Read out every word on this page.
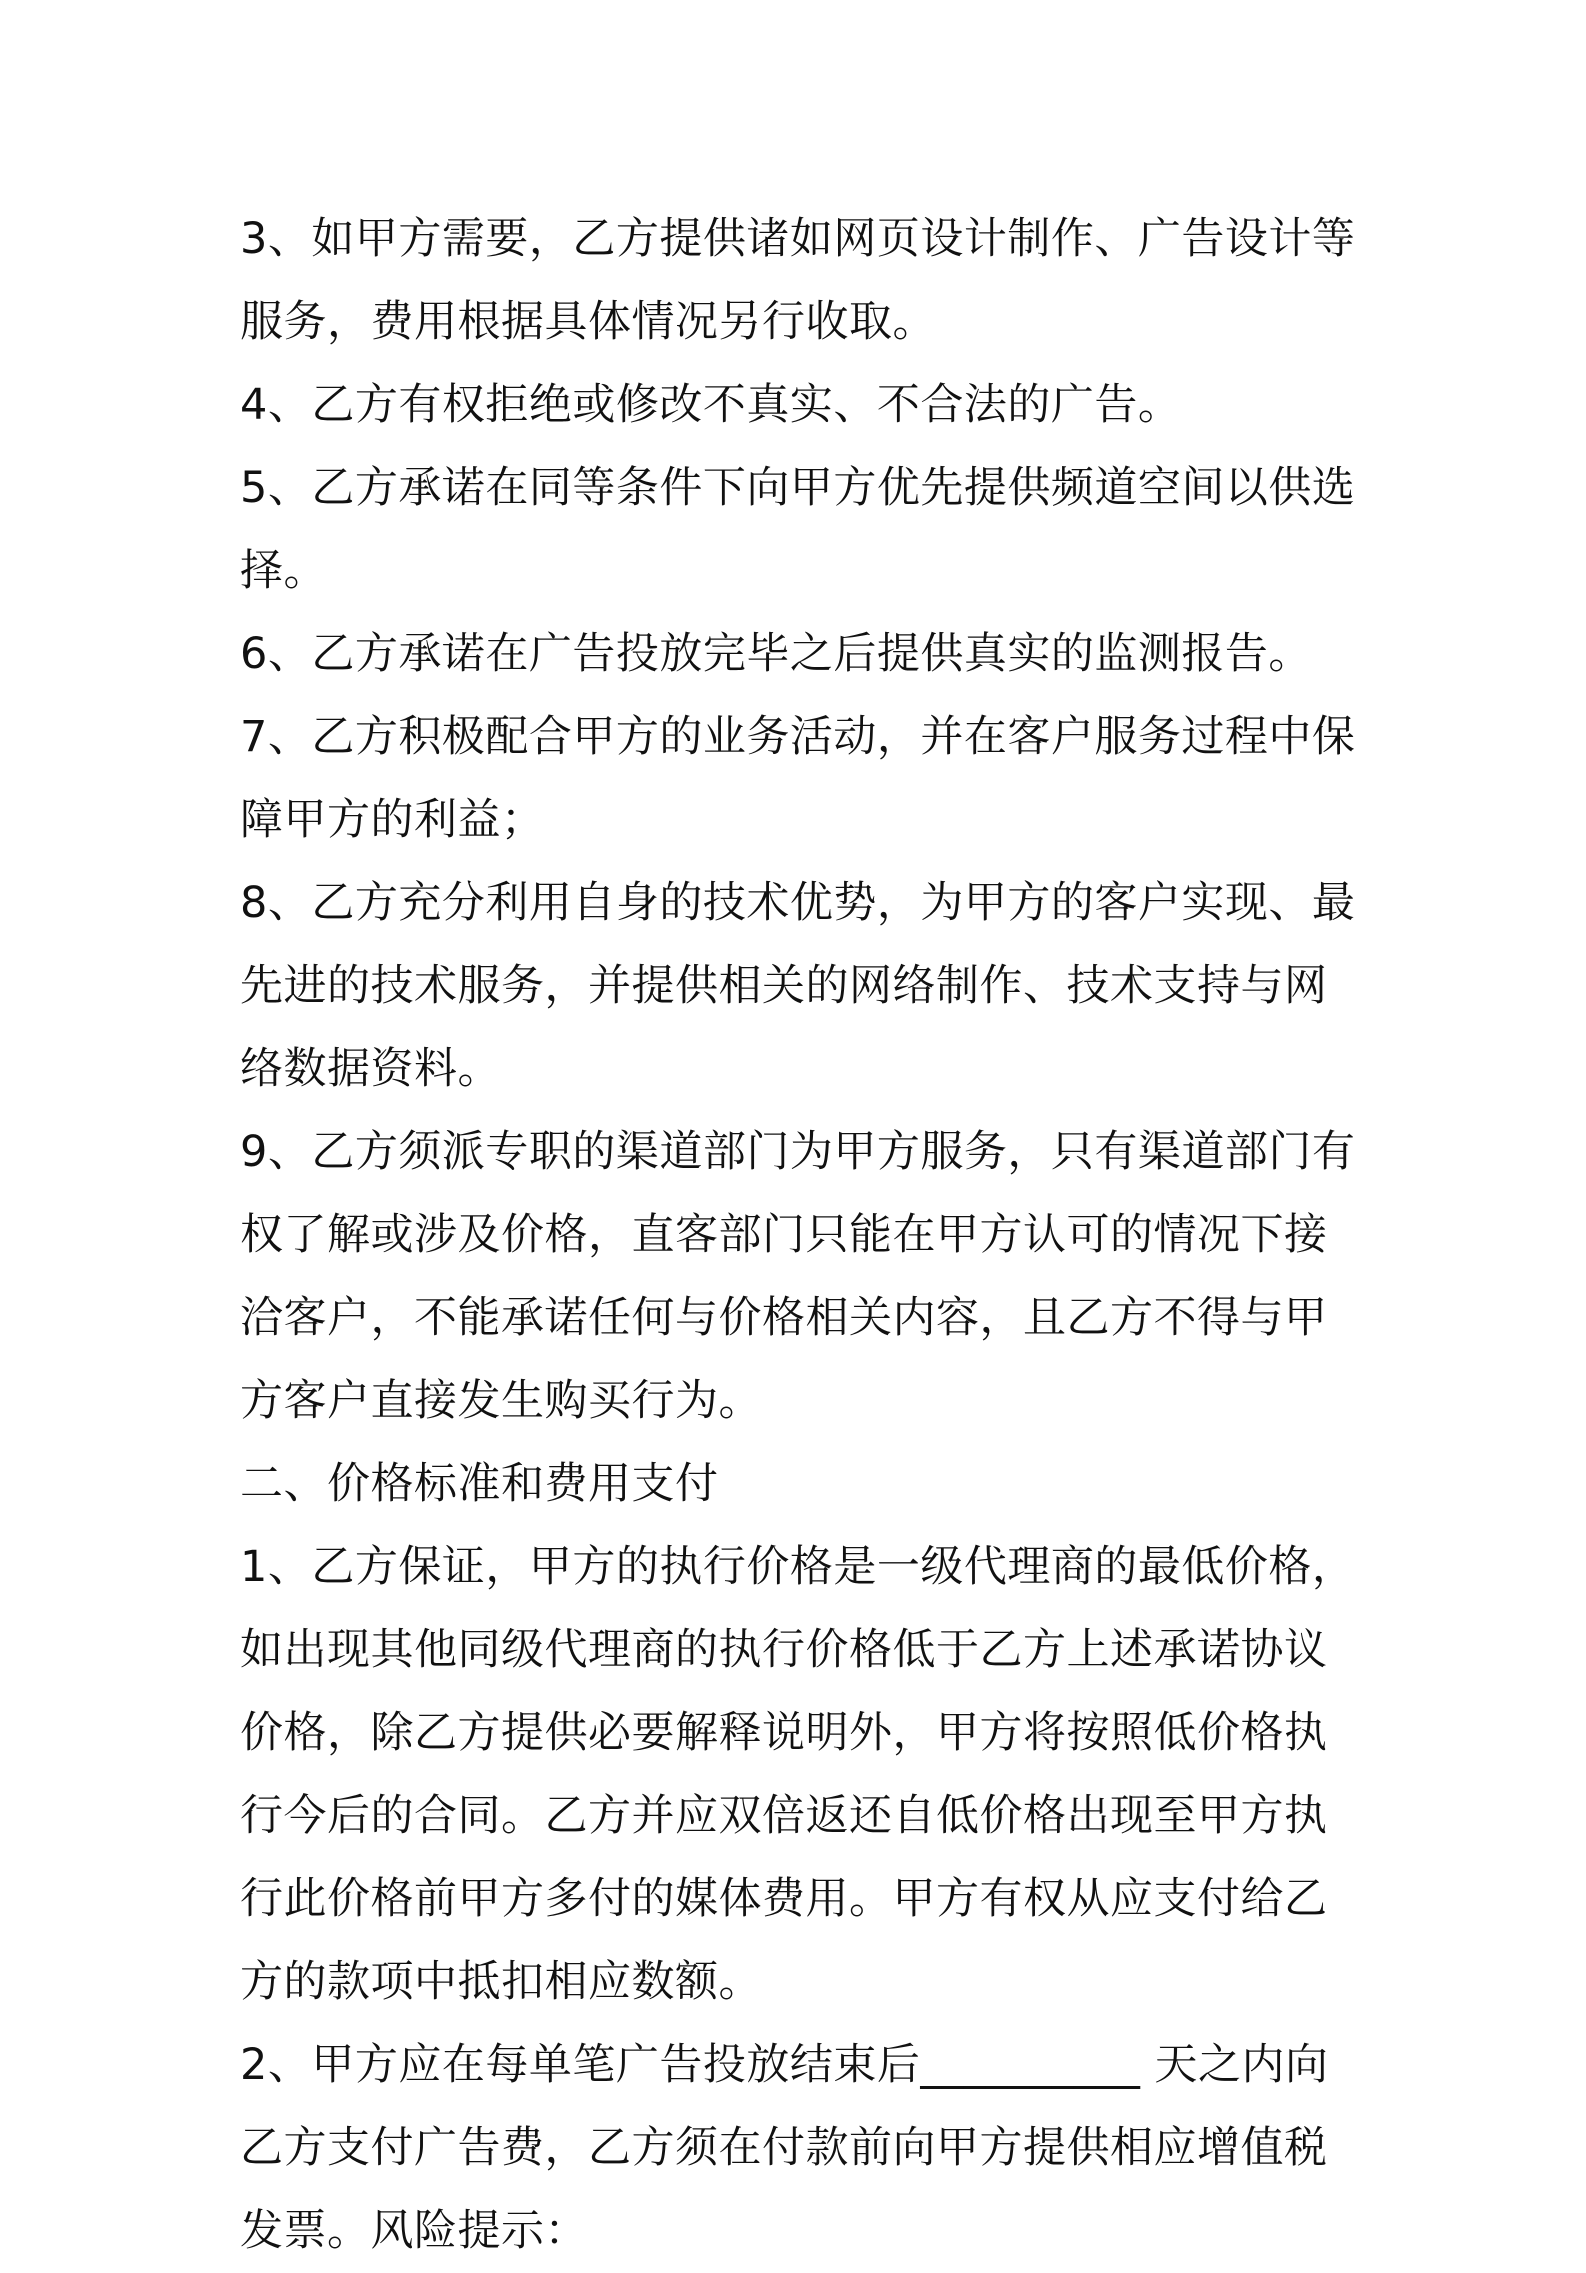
3、如甲方需要，乙方提供诸如网页设计制作、广告设计等服务，费用根据具体情况另行收取。

4、乙方有权拒绝或修改不真实、不合法的广告。

5、乙方承诺在同等条件下向甲方优先提供频道空间以供选择。

6、乙方承诺在广告投放完毕之后提供真实的监测报告。

7、乙方积极配合甲方的业务活动，并在客户服务过程中保障甲方的利益；

8、乙方充分利用自身的技术优势，为甲方的客户实现、最先进的技术服务，并提供相关的网络制作、技术支持与网络数据资料。

9、乙方须派专职的渠道部门为甲方服务，只有渠道部门有权了解或涉及价格，直客部门只能在甲方认可的情况下接洽客户，不能承诺任何与价格相关内容，且乙方不得与甲方客户直接发生购买行为。

二、价格标准和费用支付

1、乙方保证，甲方的执行价格是一级代理商的最低价格，如出现其他同级代理商的执行价格低于乙方上述承诺协议价格，除乙方提供必要解释说明外，甲方将按照低价格执行今后的合同。乙方并应双倍返还自低价格出现至甲方执行此价格前甲方多付的媒体费用。甲方有权从应支付给乙方的款项中抵扣相应数额。

2、甲方应在每单笔广告投放结束后__________ 天之内向乙方支付广告费，乙方须在付款前向甲方提供相应增值税发票。风险提示：
